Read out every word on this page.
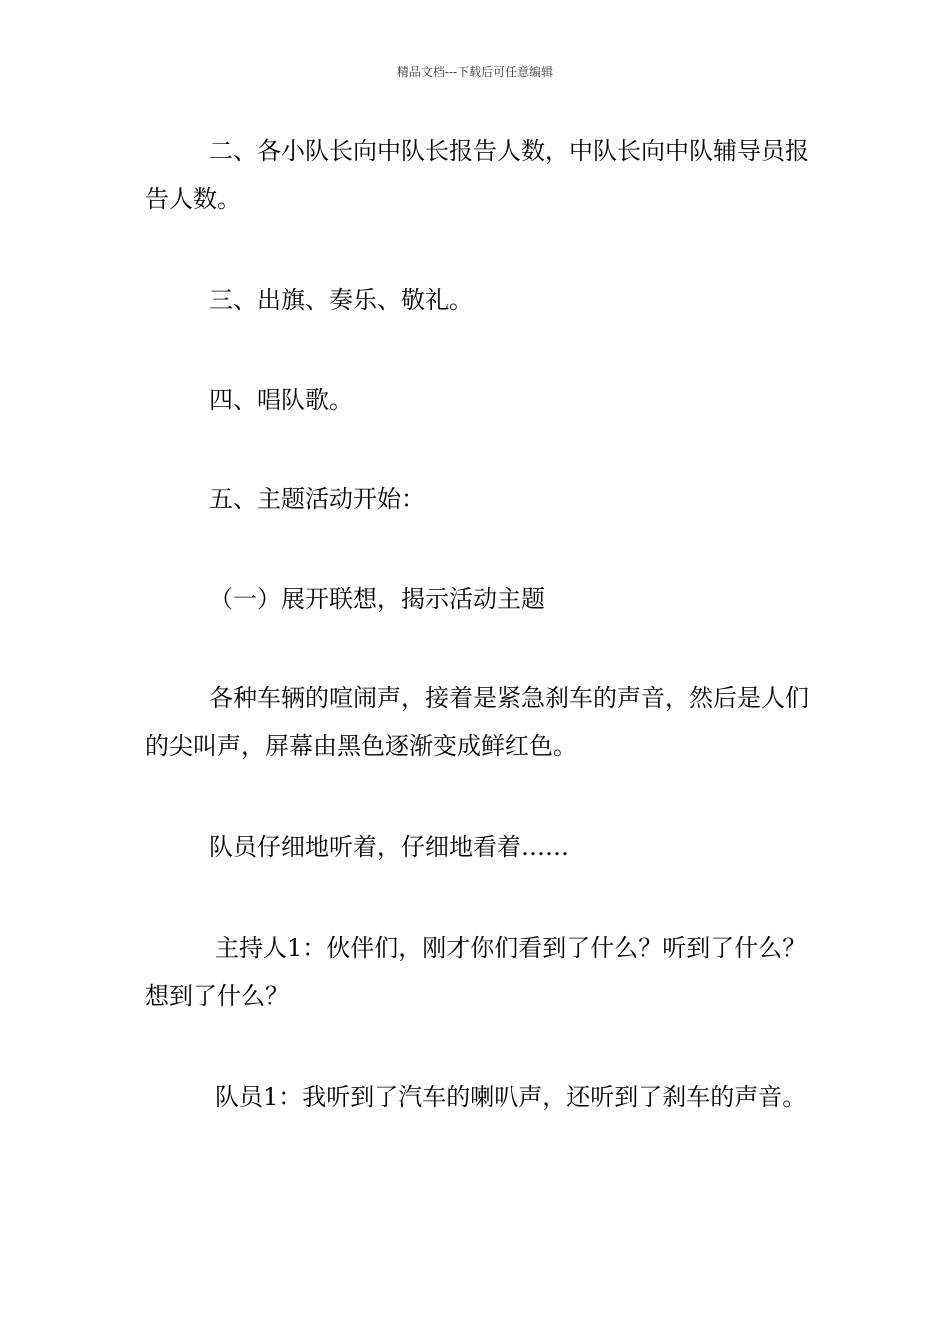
精品文档---下载后可任意编辑

二、各小队长向中队长报告人数，中队长向中队辅导员报告人数。

三、出旗、奏乐、敬礼。

四、唱队歌。

五、主题活动开始：

（一）展开联想，揭示活动主题

各种车辆的喧闹声，接着是紧急刹车的声音，然后是人们的尖叫声，屏幕由黑色逐渐变成鲜红色。

队员仔细地听着，仔细地看着……

主持人1：伙伴们，刚才你们看到了什么？听到了什么？想到了什么？

队员1：我听到了汽车的喇叭声，还听到了刹车的声音。
